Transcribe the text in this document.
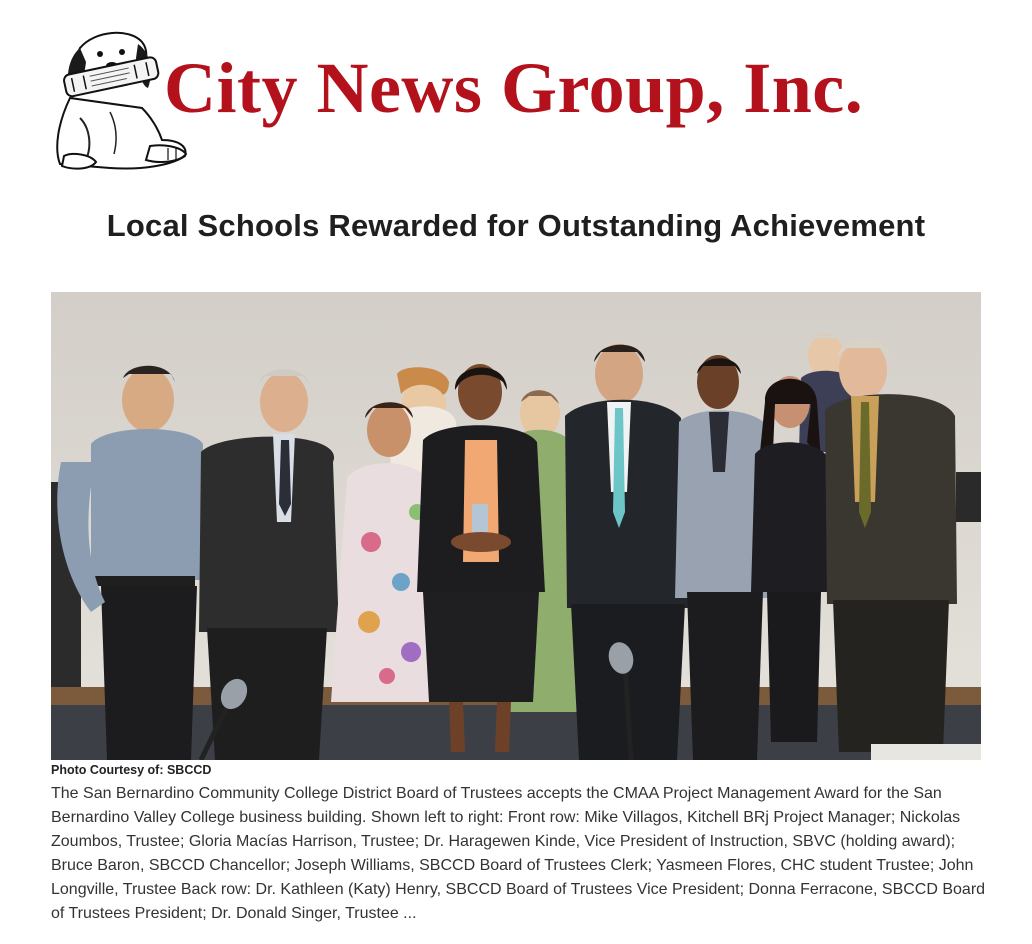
City News Group, Inc.
Local Schools Rewarded for Outstanding Achievement

Photo Courtesy of: SBCCD

The San Bernardino Community College District Board of Trustees accepts the CMAA Project Management Award for the San Bernardino Valley College business building. Shown left to right: Front row: Mike Villagos, Kitchell BRj Project Manager; Nickolas Zoumbos, Trustee; Gloria Macías Harrison, Trustee; Dr. Haragewen Kinde, Vice President of Instruction, SBVC (holding award); Bruce Baron, SBCCD Chancellor; Joseph Williams, SBCCD Board of Trustees Clerk; Yasmeen Flores, CHC student Trustee; John Longville, Trustee Back row: Dr. Kathleen (Katy) Henry, SBCCD Board of Trustees Vice President; Donna Ferracone, SBCCD Board of Trustees President; Dr. Donald Singer, Trustee ...
